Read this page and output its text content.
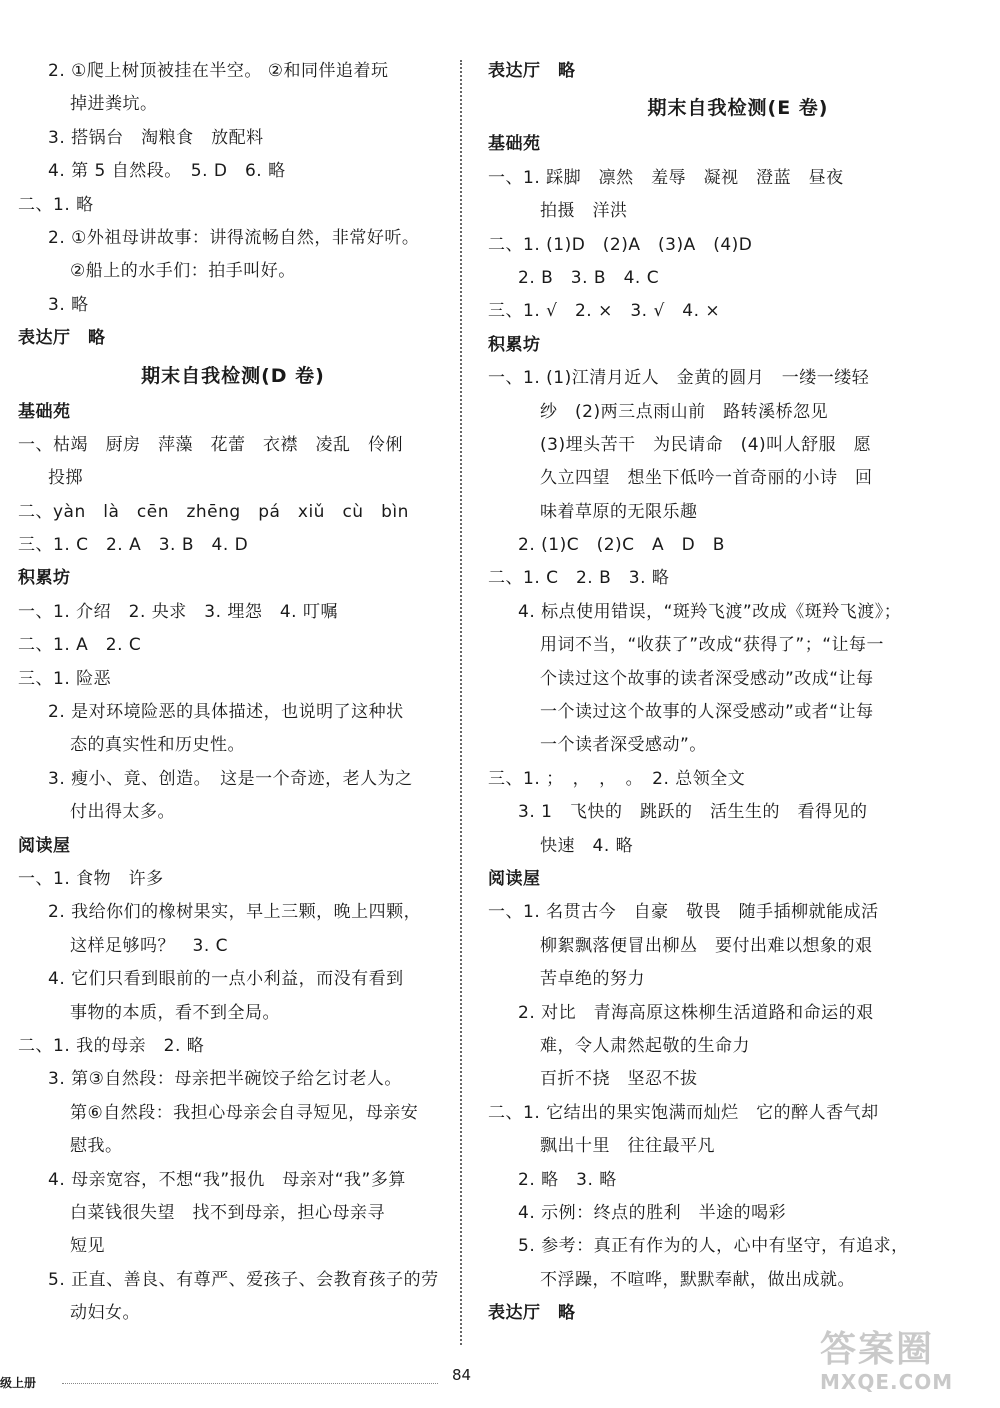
2. ①爬上树顶被挂在半空。 ②和同伴追着玩
掉进粪坑。
3. 搭锅台　淘粮食　放配料
4. 第 5 自然段。　5. D　6. 略
二、1. 略
2. ①外祖母讲故事：讲得流畅自然，非常好听。
②船上的水手们：拍手叫好。
3. 略
表达厅　略
期末自我检测(D 卷)
基础苑
一、枯竭　厨房　萍藻　花蕾　衣襟　凌乱　伶俐
投掷
二、yàn　là　cēn　zhēng　pá　xiǔ　cù　bìn
三、1. C　2. A　3. B　4. D
积累坊
一、1. 介绍　2. 央求　3. 埋怨　4. 叮嘱
二、1. A　2. C
三、1. 险恶
2. 是对环境险恶的具体描述，也说明了这种状
态的真实性和历史性。
3. 瘦小、竟、创造。　这是一个奇迹，老人为之
付出得太多。
阅读屋
一、1. 食物　许多
2. 我给你们的橡树果实，早上三颗，晚上四颗，
这样足够吗？　3. C
4. 它们只看到眼前的一点小利益，而没有看到
事物的本质，看不到全局。
二、1. 我的母亲　2. 略
3. 第③自然段：母亲把半碗饺子给乞讨老人。
第⑥自然段：我担心母亲会自寻短见，母亲安
慰我。
4. 母亲宽容，不想“我”报仇　母亲对“我”多算
白菜钱很失望　找不到母亲，担心母亲寻
短见
5. 正直、善良、有尊严、爱孩子、会教育孩子的劳
动妇女。
表达厅　略
期末自我检测(E 卷)
基础苑
一、1. 踩脚　凛然　羞辱　凝视　澄蓝　昼夜
拍摄　洋洪
二、1. (1)D　(2)A　(3)A　(4)D
2. B　3. B　4. C
三、1. √　2. ×　3. √　4. ×
积累坊
一、1. (1)江清月近人　金黄的圆月　一缕一缕轻
纱　(2)两三点雨山前　路转溪桥忽见
(3)埋头苦干　为民请命　(4)叫人舒服　愿
久立四望　想坐下低吟一首奇丽的小诗　回
味着草原的无限乐趣
2. (1)C　(2)C　A　D　B
二、1. C　2. B　3. 略
4. 标点使用错误，“斑羚飞渡”改成《斑羚飞渡》；
用词不当，“收获了”改成“获得了”；“让每一
个读过这个故事的读者深受感动”改成“让每
一个读过这个故事的人深受感动”或者“让每
一个读者深受感动”。
三、1. ；　，　，　。　2. 总领全文
3. 1　飞快的　跳跃的　活生生的　看得见的
快速　4. 略
阅读屋
一、1. 名贯古今　自豪　敬畏　随手插柳就能成活
柳絮飘落便冒出柳丛　要付出难以想象的艰
苦卓绝的努力
2. 对比　青海高原这株柳生活道路和命运的艰
难，令人肃然起敬的生命力
百折不挠　坚忍不拔
二、1. 它结出的果实饱满而灿烂　它的醉人香气却
飘出十里　往往最平凡
2. 略　3. 略
4. 示例：终点的胜利　半途的喝彩
5. 参考：真正有作为的人，心中有坚守，有追求，
不浮躁，不喧哗，默默奉献，做出成就。
表达厅　略
级上册	84
答案圈
MXQE.COM
